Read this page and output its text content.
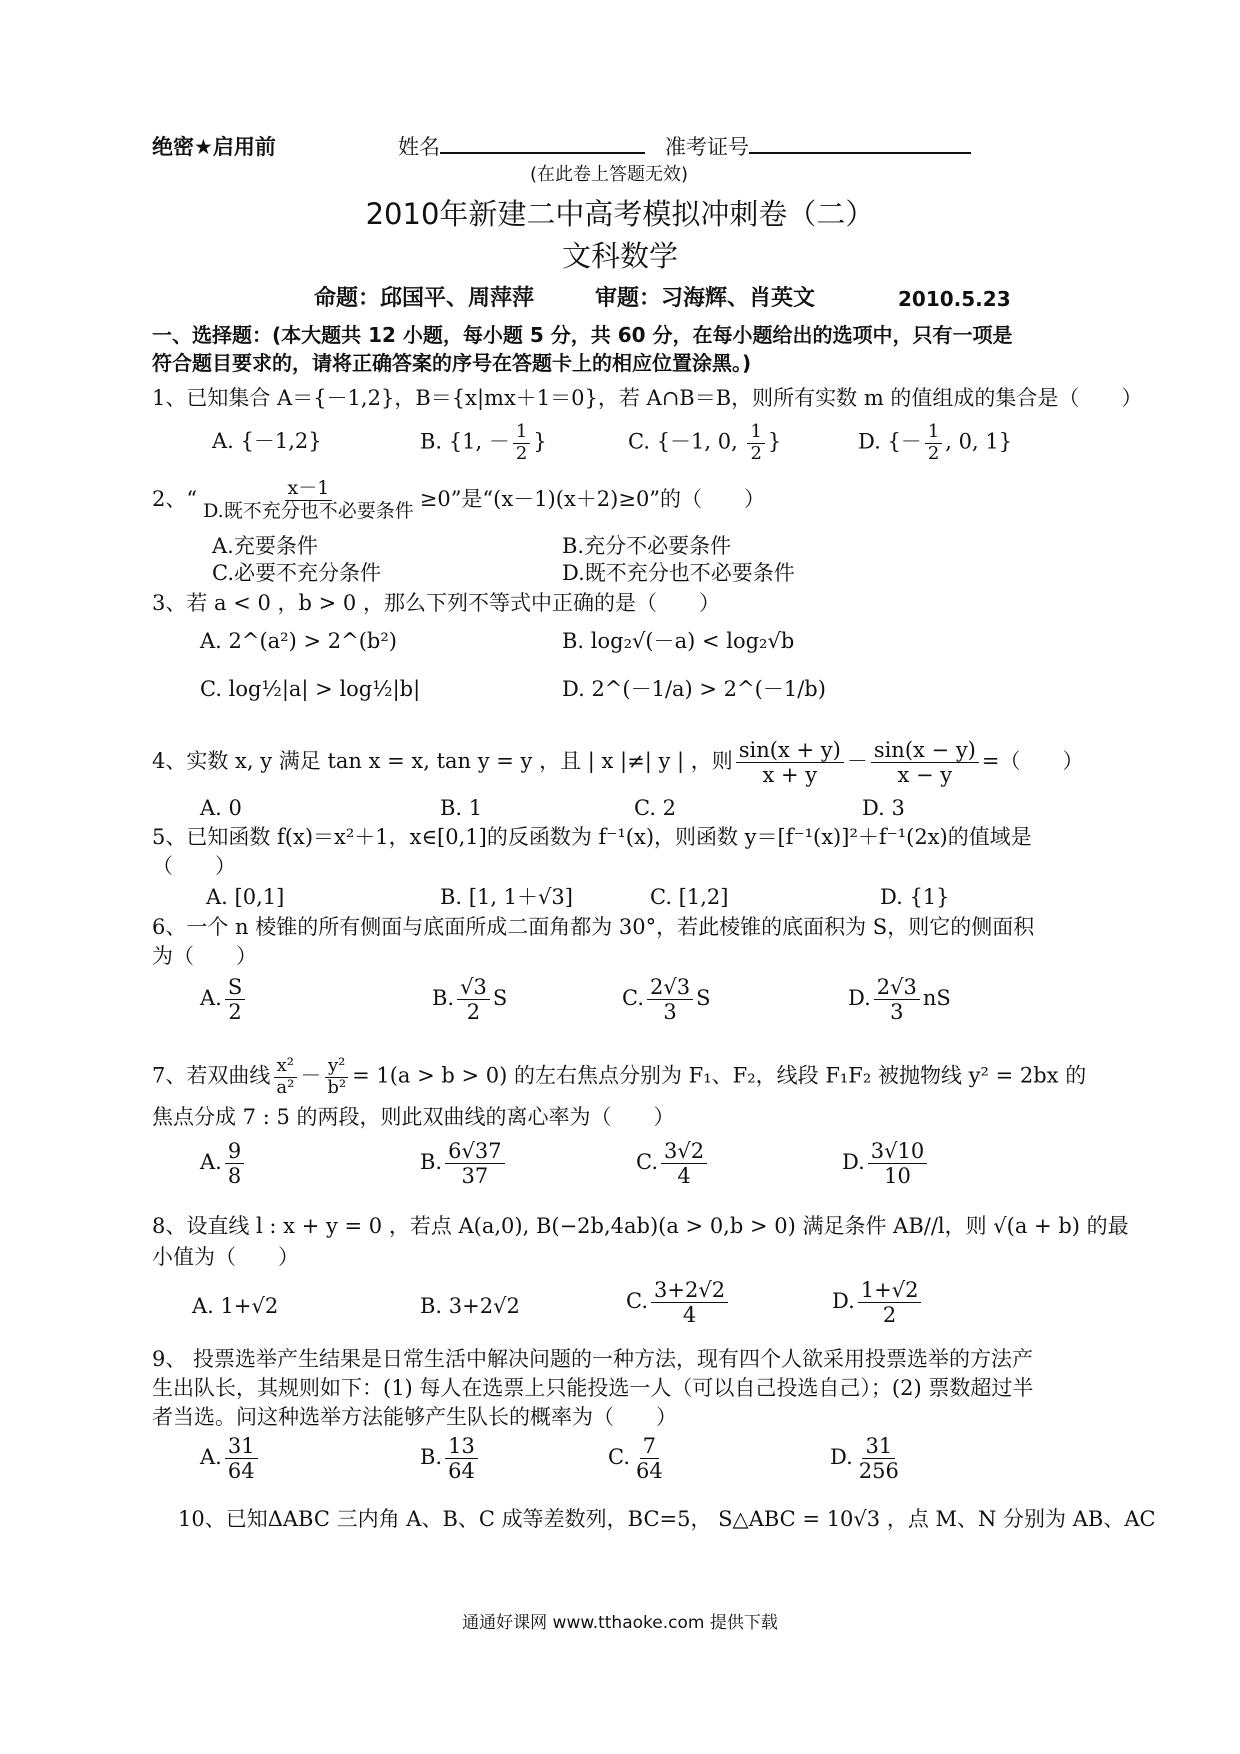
绝密★启用前	姓名	准考证号
(在此卷上答题无效)
2010年新建二中高考模拟冲刺卷（二）
文科数学
命题：邱国平、周萍萍	审题：习海辉、肖英文	2010.5.23
一、选择题：(本大题共 12 小题，每小题 5 分，共 60 分，在每小题给出的选项中，只有一项是
符合题目要求的，请将正确答案的序号在答题卡上的相应位置涂黑。)
1、已知集合 A＝{－1,2}，B＝{x|mx＋1＝0}，若 A∩B＝B，则所有实数 m 的值组成的集合是（　　）
A. {－1,2}	B. {1, － $\frac{1}{2}$ }	C. {－1, 0, $\frac{1}{2}$ }	D. {－ $\frac{1}{2}$ , 0, 1}
2、“ $\frac{x-1}{\text{D.既不充分也不必要条件}} \ge 0$”是“(x－1)(x＋2)≥0”的（　　）
A.充要条件	B.充分不必要条件
C.必要不充分条件	D.既不充分也不必要条件
3、若 a < 0 ，b > 0 ，那么下列不等式中正确的是（　　）
A. 2^(a²) > 2^(b²)	B. log₂√(－a) < log₂√b
C. log½|a| > log½|b|	D. 2^(－1/a) > 2^(－1/b)
4、实数 x, y 满足 tan x = x, tan y = y ，且 | x |≠| y | ，则 $\frac{\sin(x + y)}{x + y} - \frac{\sin(x - y)}{x - y}$ =（　　）
A. 0	B. 1	C. 2	D. 3
5、已知函数 f(x)＝x²＋1，x∈[0,1]的反函数为 f⁻¹(x)，则函数 y＝[f⁻¹(x)]²＋f⁻¹(2x)的值域是
（　　）
A. [0,1]	B. [1, 1＋√3]	C. [1,2]	D. {1}
6、一个 n 棱锥的所有侧面与底面所成二面角都为 30°，若此棱锥的底面积为 S，则它的侧面积
为（　　）
A. $\frac{S}{2}$	B. $\frac{√3}{2}$ S	C. $\frac{2√3}{3}$ S	D. $\frac{2√3}{3}$ nS
7、若双曲线 $\frac{\text{x²}}{\text{a²}} - \frac{\text{y²}}{\text{b²}} = 1(a > b > 0)$ 的左右焦点分别为 F₁、F₂，线段 F₁F₂ 被抛物线 y² = 2bx 的
焦点分成 7 : 5 的两段，则此双曲线的离心率为（　　）
A. $\frac{9}{8}$	B. $\frac{6√37}{37}$	C. $\frac{3√2}{4}$	D. $\frac{3√10}{10}$
8、设直线 l : x + y = 0 ，若点 A(a,0), B(−2b,4ab)(a > 0,b > 0) 满足条件 AB//l，则 √(a + b) 的最
小值为（　　）
A. 1+√2	B. 3+2√2	C. $\frac{3+2√2}{4}$	D. $\frac{1+√2}{2}$
9、 投票选举产生结果是日常生活中解决问题的一种方法，现有四个人欲采用投票选举的方法产
生出队长，其规则如下：(1) 每人在选票上只能投选一人（可以自己投选自己）；(2) 票数超过半
者当选。问这种选举方法能够产生队长的概率为（　　）
A. $\frac{31}{64}$	B. $\frac{13}{64}$	C. $\frac{7}{64}$	D. $\frac{31}{256}$
10、已知ΔABC 三内角 A、B、C 成等差数列，BC=5， S△ABC = 10√3 ，点 M、N 分别为 AB、AC
通通好课网 www.tthaoke.com 提供下载
